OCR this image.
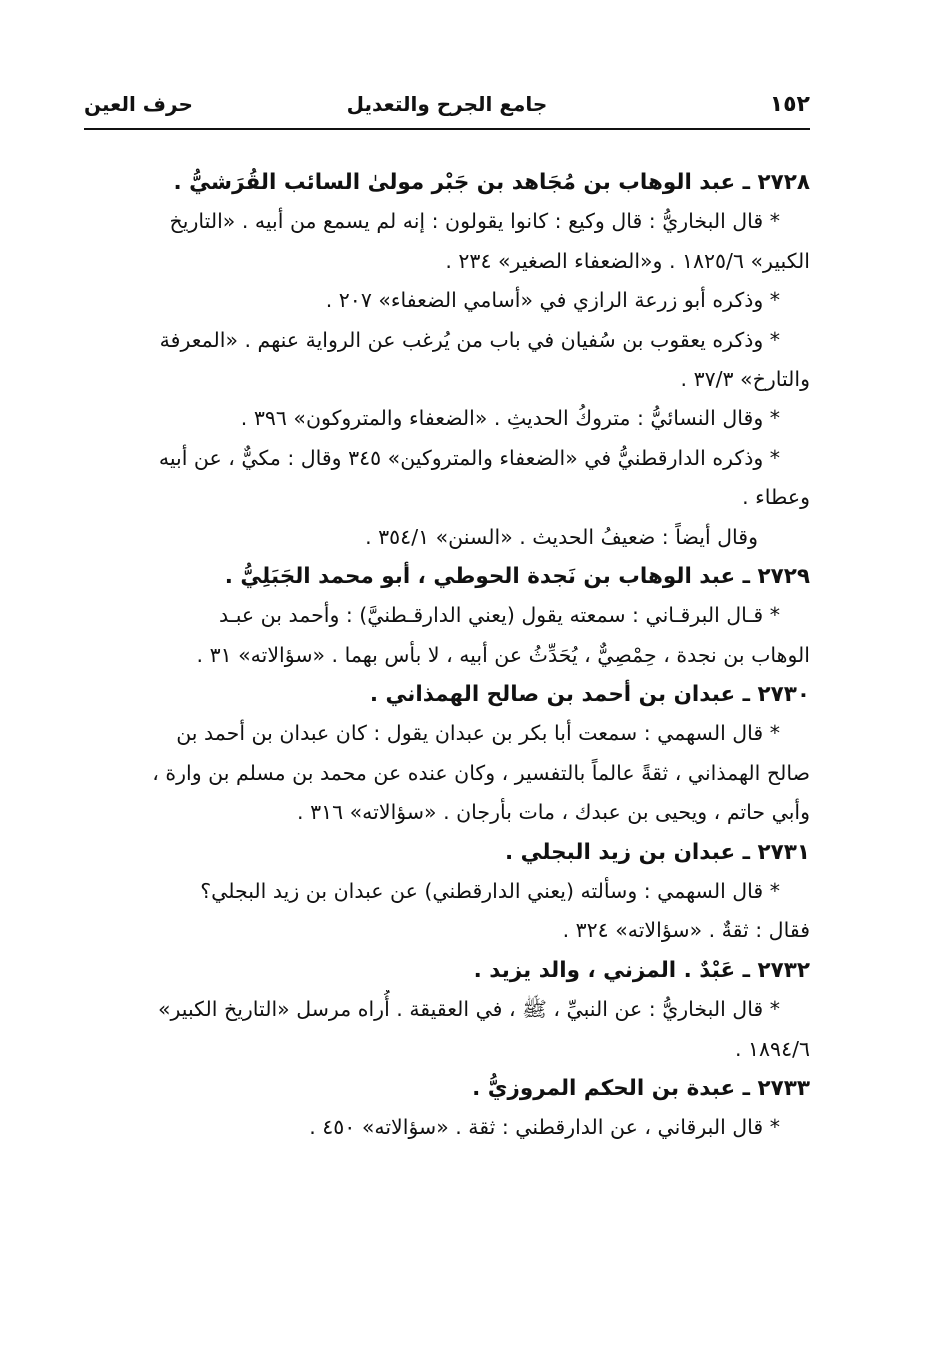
١٥٢
جامع الجرح والتعديل
حرف العين
٢٧٢٨ ـ عبد الوهاب بن مُجَاهد بن جَبْر مولىٰ السائب القُرَشيُّ .
* قال البخاريُّ : قال وكيع : كانوا يقولون : إنه لم يسمع من أبيه . «التاريخ
الكبير» ١٨٢٥/٦ . و«الضعفاء الصغير» ٢٣٤ .
* وذكره أبو زرعة الرازي في «أسامي الضعفاء» ٢٠٧ .
* وذكره يعقوب بن سُفيان في باب من يُرغب عن الرواية عنهم . «المعرفة
والتارخ» ٣٧/٣ .
* وقال النسائيُّ : متروكُ الحديثِ . «الضعفاء والمتروكون» ٣٩٦ .
* وذكره الدارقطنيُّ في «الضعفاء والمتروكين» ٣٤٥ وقال : مكيٌّ ، عن أبيه
وعطاء .
وقال أيضاً : ضعيفُ الحديث . «السنن» ٣٥٤/١ .
٢٧٢٩ ـ عبد الوهاب بن نَجدة الحوطي ، أبو محمد الجَبَلِيُّ .
* قـال البرقـاني : سمعته يقول (يعني الدارقـطنيَّ) : وأحمد بن عبـد
الوهاب بن نجدة ، حِمْصِيٌّ ، يُحَدِّثُ عن أبيه ، لا بأس بهما . «سؤالاته» ٣١ .
٢٧٣٠ ـ عبدان بن أحمد بن صالح الهمذاني .
* قال السهمي : سمعت أبا بكر بن عبدان يقول : كان عبدان بن أحمد بن
صالح الهمذاني ، ثقةً عالماً بالتفسير ، وكان عنده عن محمد بن مسلم بن وارة ،
وأبي حاتم ، ويحيى بن عبدك ، مات بأرجان . «سؤالاته» ٣١٦ .
٢٧٣١ ـ عبدان بن زيد البجلي .
* قال السهمي : وسألته (يعني الدارقطني) عن عبدان بن زيد البجلي؟
فقال : ثقةٌ . «سؤالاته» ٣٢٤ .
٢٧٣٢ ـ عَبْدٌ . المزني ، والد يزيد .
* قال البخاريُّ : عن النبيِّ ، ﷺ ، في العقيقة . أُراه مرسل «التاريخ الكبير»
١٨٩٤/٦ .
٢٧٣٣ ـ عبدة بن الحكم المروزيُّ .
* قال البرقاني ، عن الدارقطني : ثقة . «سؤالاته» ٤٥٠ .
